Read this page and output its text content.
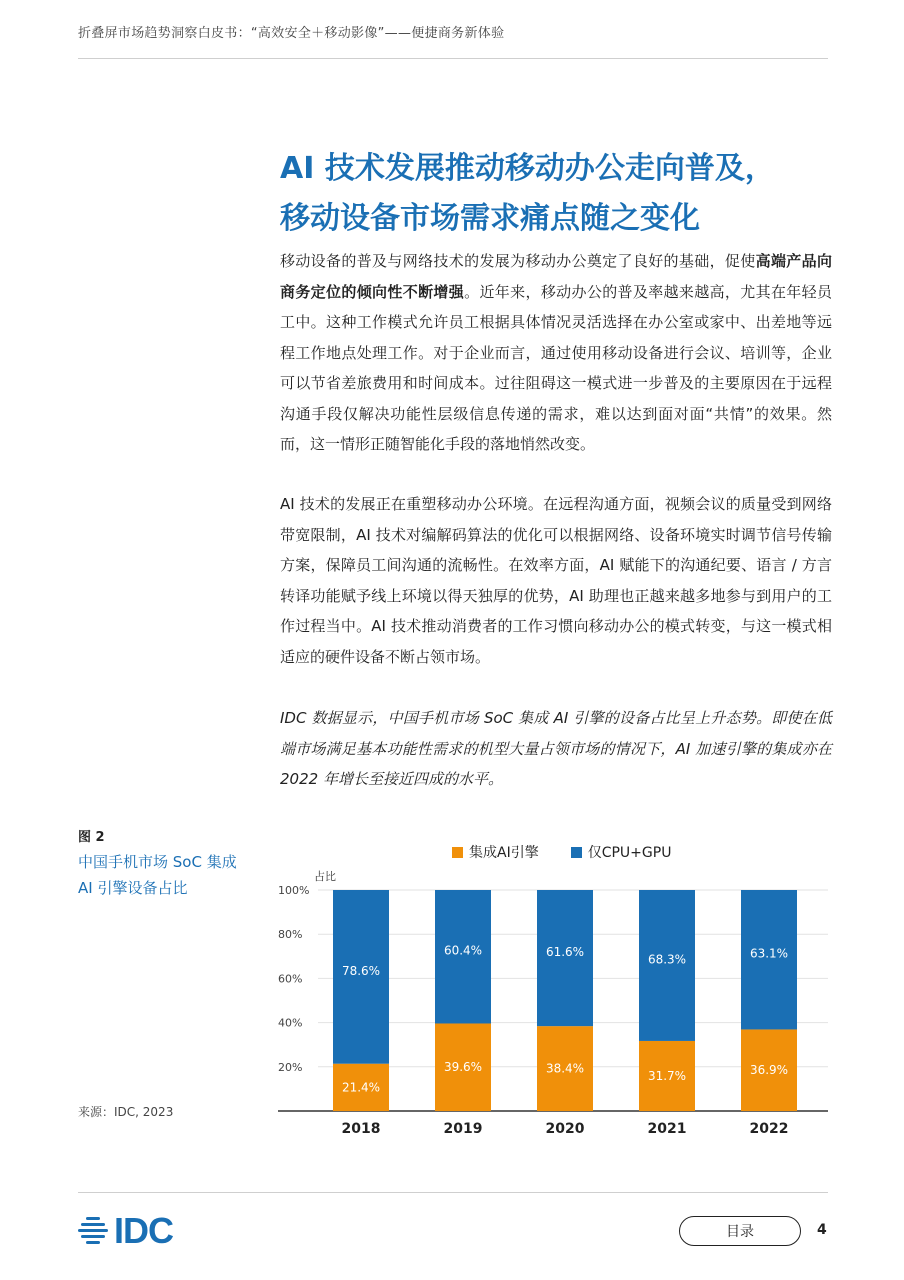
折叠屏市场趋势洞察白皮书：“高效安全＋移动影像”——便捷商务新体验
AI 技术发展推动移动办公走向普及，
移动设备市场需求痛点随之变化

移动设备的普及与网络技术的发展为移动办公奠定了良好的基础，促使高端产品向商务定位的倾向性不断增强。近年来，移动办公的普及率越来越高，尤其在年轻员工中。这种工作模式允许员工根据具体情况灵活选择在办公室或家中、出差地等远程工作地点处理工作。对于企业而言，通过使用移动设备进行会议、培训等，企业可以节省差旅费用和时间成本。过往阻碍这一模式进一步普及的主要原因在于远程沟通手段仅解决功能性层级信息传递的需求，难以达到面对面“共情”的效果。然而，这一情形正随智能化手段的落地悄然改变。

AI 技术的发展正在重塑移动办公环境。在远程沟通方面，视频会议的质量受到网络带宽限制，AI 技术对编解码算法的优化可以根据网络、设备环境实时调节信号传输方案，保障员工间沟通的流畅性。在效率方面，AI 赋能下的沟通纪要、语言 / 方言转译功能赋予线上环境以得天独厚的优势，AI 助理也正越来越多地参与到用户的工作过程当中。AI 技术推动消费者的工作习惯向移动办公的模式转变，与这一模式相适应的硬件设备不断占领市场。

IDC 数据显示，中国手机市场 SoC 集成 AI 引擎的设备占比呈上升态势。即使在低端市场满足基本功能性需求的机型大量占领市场的情况下，AI 加速引擎的集成亦在 2022 年增长至接近四成的水平。

图 2
中国手机市场 SoC 集成 AI 引擎设备占比
来源：IDC, 2023
集成AI引擎	仅CPU+GPU
占比
20%
40%
60%
80%
100%
21.4%
78.6%
2018
39.6%
60.4%
2019
38.4%
61.6%
2020
31.7%
68.3%
2021
36.9%
63.1%
2022
IDC	目录	4
